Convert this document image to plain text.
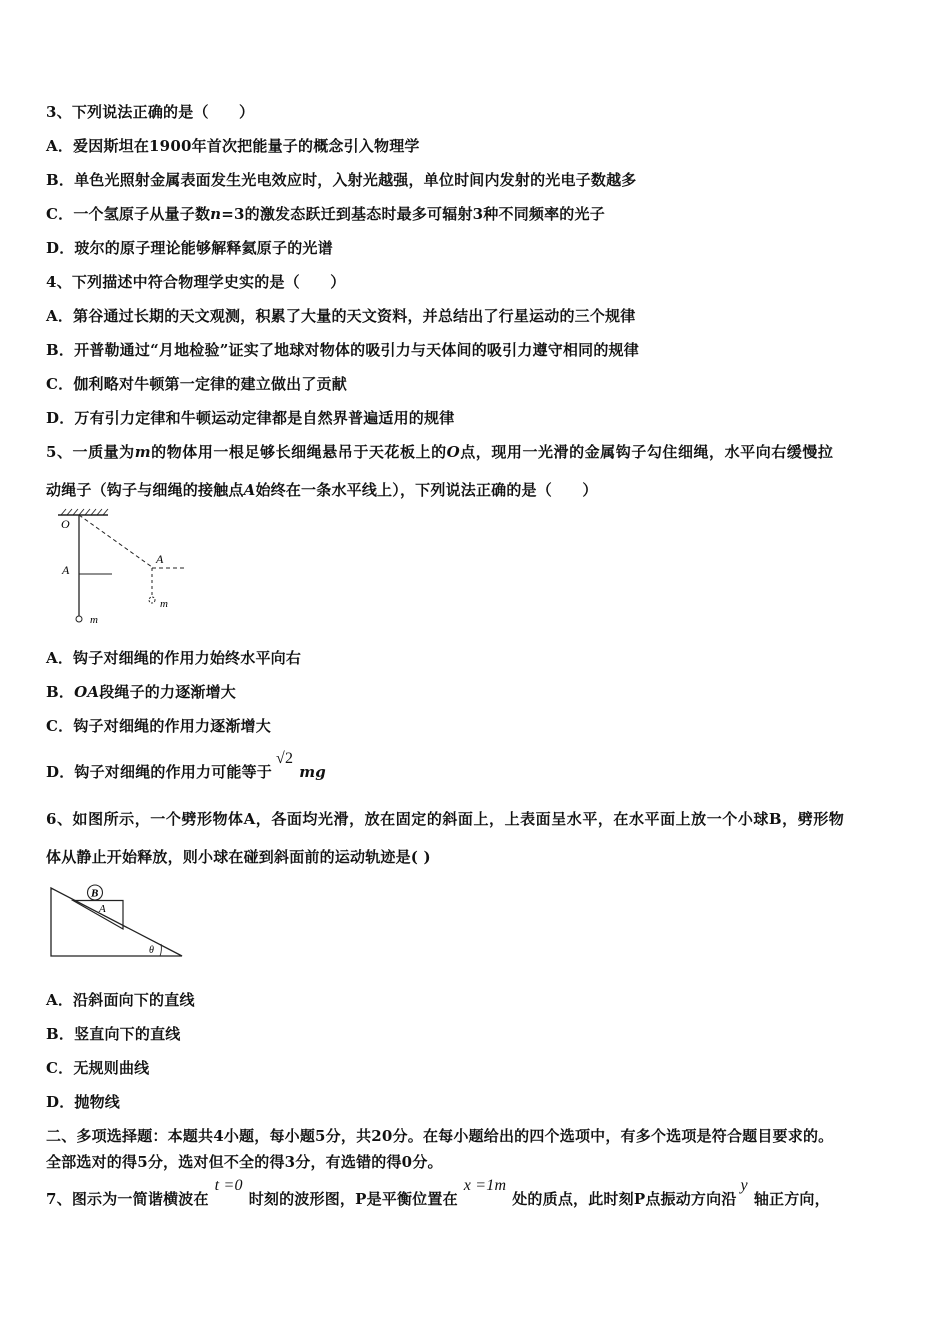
3、下列说法正确的是（　　）
A．爱因斯坦在1900年首次把能量子的概念引入物理学
B．单色光照射金属表面发生光电效应时，入射光越强，单位时间内发射的光电子数越多
C．一个氢原子从量子数n=3的激发态跃迁到基态时最多可辐射3种不同频率的光子
D．玻尔的原子理论能够解释氦原子的光谱
4、下列描述中符合物理学史实的是（　　）
A．第谷通过长期的天文观测，积累了大量的天文资料，并总结出了行星运动的三个规律
B．开普勒通过“月地检验”证实了地球对物体的吸引力与天体间的吸引力遵守相同的规律
C．伽利略对牛顿第一定律的建立做出了贡献
D．万有引力定律和牛顿运动定律都是自然界普遍适用的规律
5、一质量为m的物体用一根足够长细绳悬吊于天花板上的O点，现用一光滑的金属钩子勾住细绳，水平向右缓慢拉
动绳子（钩子与细绳的接触点A始终在一条水平线上），下列说法正确的是（　　）
O
A
m
A
m
A．钩子对细绳的作用力始终水平向右
B．OA段绳子的力逐渐增大
C．钩子对细绳的作用力逐渐增大
D．钩子对细绳的作用力可能等于√2mg
6、如图所示，一个劈形物体A，各面均光滑，放在固定的斜面上，上表面呈水平，在水平面上放一个小球B，劈形物
体从静止开始释放，则小球在碰到斜面前的运动轨迹是( )
B
A
θ
A．沿斜面向下的直线
B．竖直向下的直线
C．无规则曲线
D．抛物线
二、多项选择题：本题共4小题，每小题5分，共20分。在每小题给出的四个选项中，有多个选项是符合题目要求的。
全部选对的得5分，选对但不全的得3分，有选错的得0分。
7、图示为一简谐横波在t =0时刻的波形图，P是平衡位置在x =1m处的质点，此时刻P点振动方向沿y轴正方向，
